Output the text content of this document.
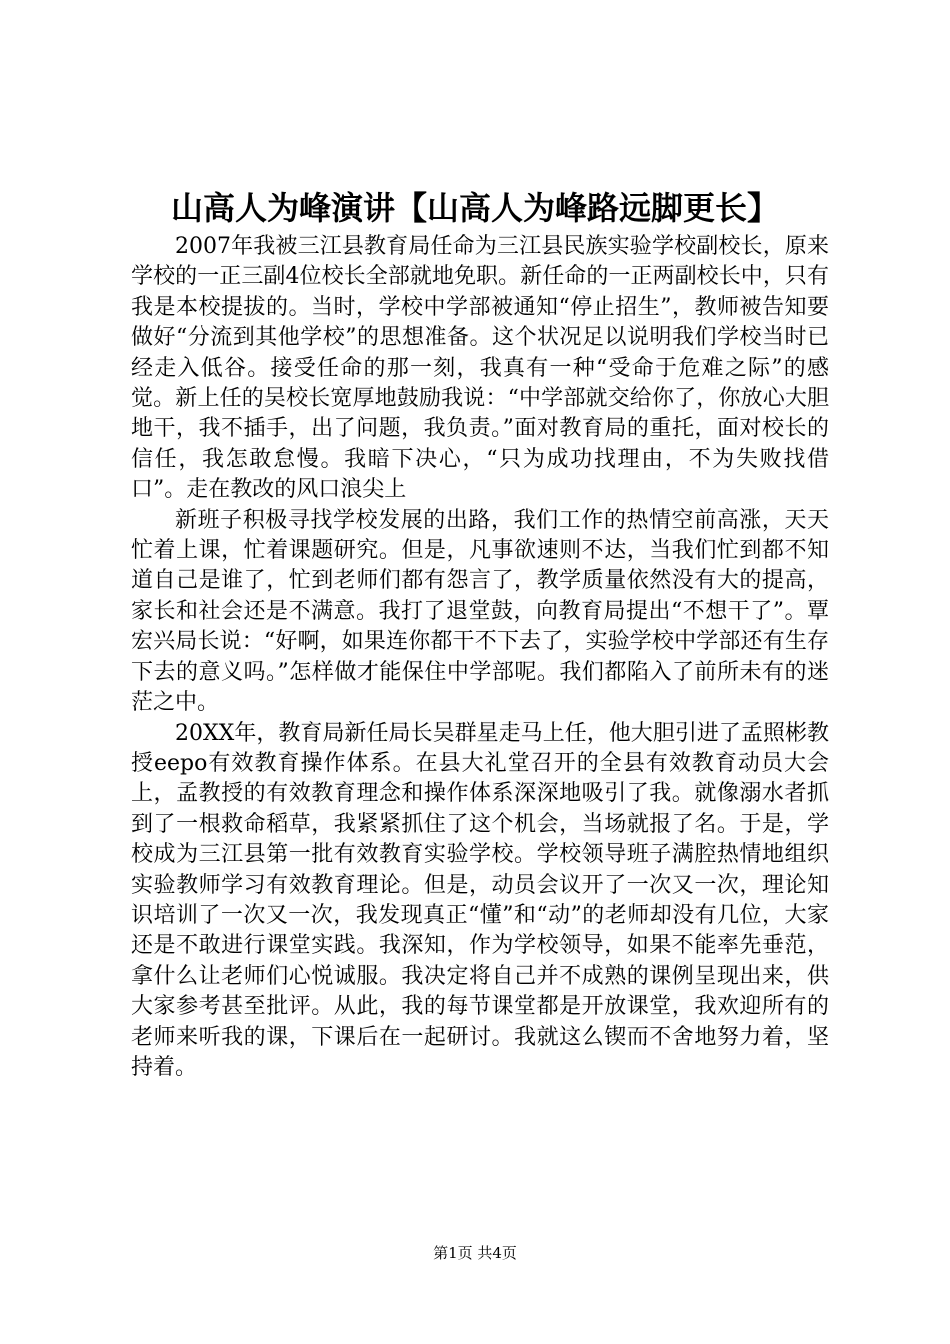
山高人为峰演讲【山高人为峰路远脚更长】

2007年我被三江县教育局任命为三江县民族实验学校副校长，原来学校的一正三副4位校长全部就地免职。新任命的一正两副校长中，只有我是本校提拔的。当时，学校中学部被通知“停止招生”，教师被告知要做好“分流到其他学校”的思想准备。这个状况足以说明我们学校当时已经走入低谷。接受任命的那一刻，我真有一种“受命于危难之际”的感觉。新上任的吴校长宽厚地鼓励我说：“中学部就交给你了，你放心大胆地干，我不插手，出了问题，我负责。”面对教育局的重托，面对校长的信任，我怎敢怠慢。我暗下决心，“只为成功找理由，不为失败找借口”。走在教改的风口浪尖上

新班子积极寻找学校发展的出路，我们工作的热情空前高涨，天天忙着上课，忙着课题研究。但是，凡事欲速则不达，当我们忙到都不知道自己是谁了，忙到老师们都有怨言了，教学质量依然没有大的提高，家长和社会还是不满意。我打了退堂鼓，向教育局提出“不想干了”。覃宏兴局长说：“好啊，如果连你都干不下去了，实验学校中学部还有生存下去的意义吗。”怎样做才能保住中学部呢。我们都陷入了前所未有的迷茫之中。

20XX年，教育局新任局长吴群星走马上任，他大胆引进了孟照彬教授eepo有效教育操作体系。在县大礼堂召开的全县有效教育动员大会上，孟教授的有效教育理念和操作体系深深地吸引了我。就像溺水者抓到了一根救命稻草，我紧紧抓住了这个机会，当场就报了名。于是，学校成为三江县第一批有效教育实验学校。学校领导班子满腔热情地组织实验教师学习有效教育理论。但是，动员会议开了一次又一次，理论知识培训了一次又一次，我发现真正“懂”和“动”的老师却没有几位，大家还是不敢进行课堂实践。我深知，作为学校领导，如果不能率先垂范，拿什么让老师们心悦诚服。我决定将自己并不成熟的课例呈现出来，供大家参考甚至批评。从此，我的每节课堂都是开放课堂，我欢迎所有的老师来听我的课，下课后在一起研讨。我就这么锲而不舍地努力着，坚持着。

第1页 共4页
